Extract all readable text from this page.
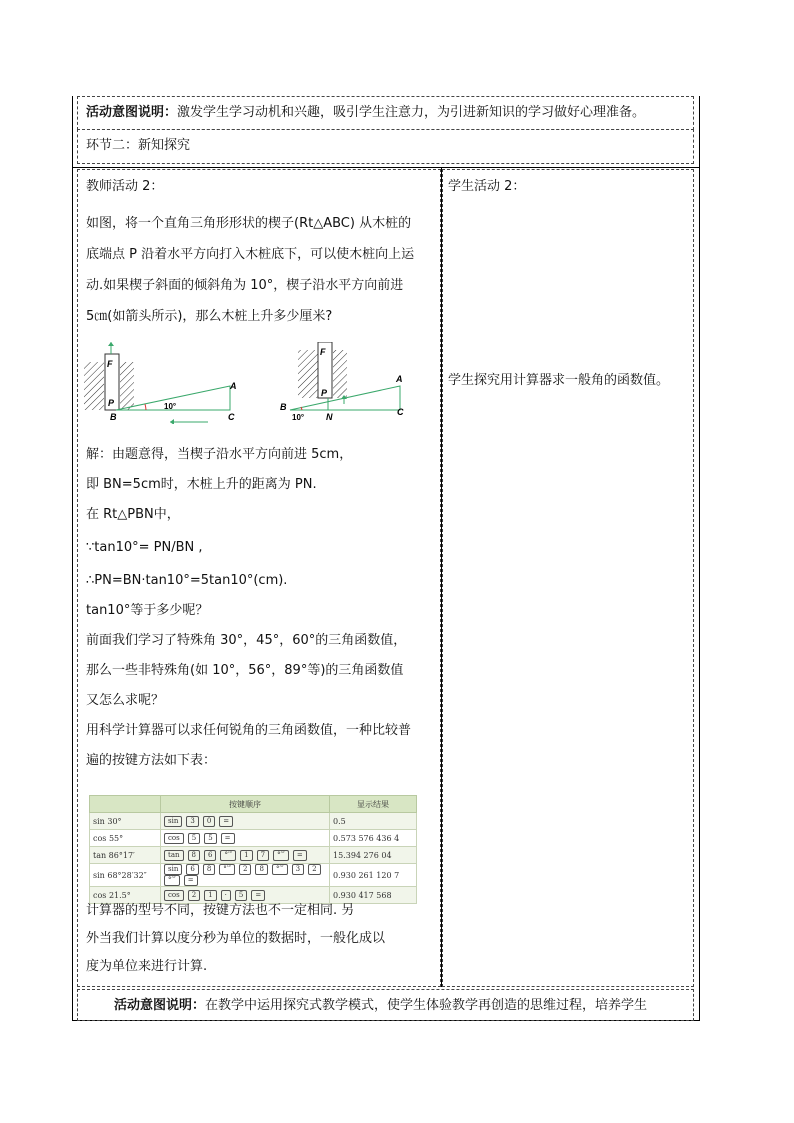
活动意图说明：激发学生学习动机和兴趣，吸引学生注意力，为引进新知识的学习做好心理准备。
环节二：新知探究
教师活动 2：	学生活动 2：
学生探究用计算器求一般角的函数值。
如图，将一个直角三角形形状的楔子(Rt△ABC) 从木桩的
底端点 P 沿着水平方向打入木桩底下，可以使木桩向上运
动.如果楔子斜面的倾斜角为 10°，楔子沿水平方向前进
5㎝(如箭头所示)，那么木桩上升多少厘米?
F
P
B
A
C
10°
F
P
B
A
C
N
10°
解：由题意得，当楔子沿水平方向前进 5cm，
即 BN=5cm时，木桩上升的距离为 PN.
在 Rt△PBN中，
∵tan10°= PN/BN ,
∴PN=BN·tan10°=5tan10°(cm).
tan10°等于多少呢？
前面我们学习了特殊角 30°，45°，60°的三角函数值，
那么一些非特殊角(如 10°，56°，89°等)的三角函数值
又怎么求呢？
用科学计算器可以求任何锐角的三角函数值，一种比较普
遍的按键方法如下表：
	按键顺序	显示结果
sin 30°	sin 3 0 =	0.5
cos 55°	cos 5 5 =	0.573 576 436 4
tan 86°17′	tan 8 6 °′″ 1 7 °′″ =	15.394 276 04
sin 68°28′32″	sin 6 8 °′″ 2 8 °′″ 3 2°′″ =	0.930 261 120 7
cos 21.5°	cos 2 1 · 5 =	0.930 417 568
计算器的型号不同，按键方法也不一定相同. 另
外当我们计算以度分秒为单位的数据时，一般化成以
度为单位来进行计算.
活动意图说明：在教学中运用探究式教学模式，使学生体验教学再创造的思维过程，培养学生
